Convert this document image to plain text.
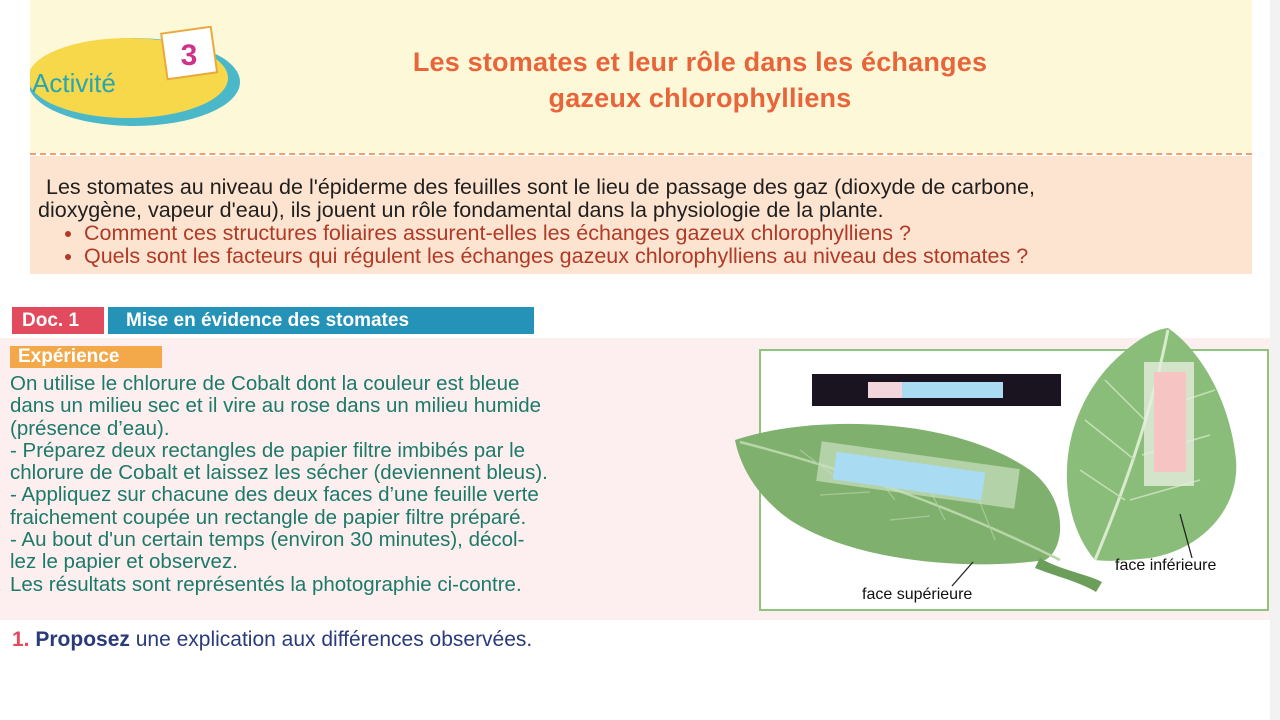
3
Activité
Les stomates et leur rôle dans les échanges
gazeux chlorophylliens

Les stomates au niveau de l'épiderme des feuilles sont le lieu de passage des gaz (dioxyde de carbone,

dioxygène, vapeur d'eau), ils jouent un rôle fondamental dans la physiologie de la plante.

• Comment ces structures foliaires assurent-elles les échanges gazeux chlorophylliens ?
• Quels sont les facteurs qui régulent les échanges gazeux chlorophylliens au niveau des stomates ?
Doc. 1	Mise en évidence des stomates
Expérience

On utilise le chlorure de Cobalt dont la couleur est bleue

dans un milieu sec et il vire au rose dans un milieu humide

(présence d’eau).

- Préparez deux rectangles de papier filtre imbibés par le

chlorure de Cobalt et laissez les sécher (deviennent bleus).

- Appliquez sur chacune des deux faces d’une feuille verte

fraichement coupée un rectangle de papier filtre préparé.

- Au bout d'un certain temps (environ 30 minutes), décol-

lez le papier et observez.

Les résultats sont représentés la photographie ci-contre.	face supérieure
face inférieure
1. Proposez une explication aux différences observées.
